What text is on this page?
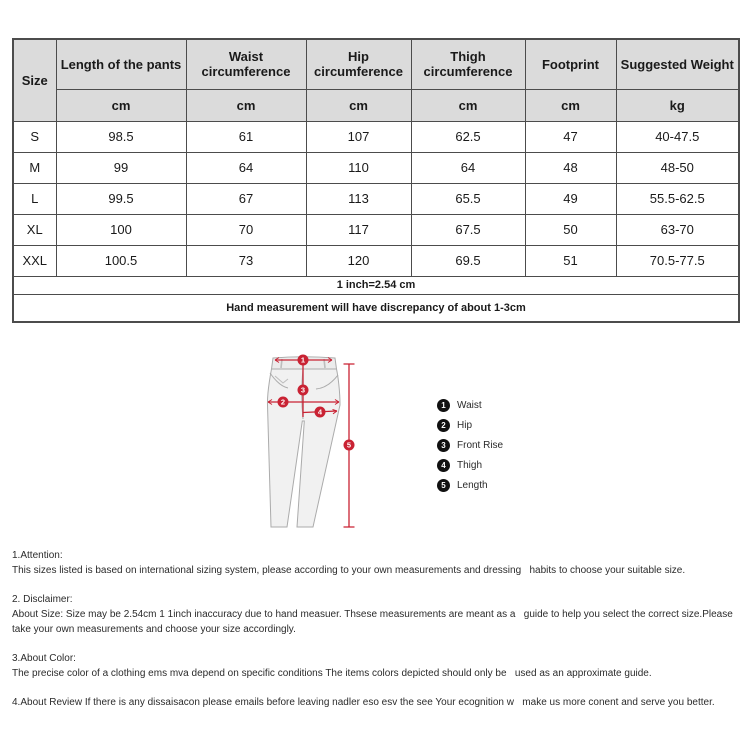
Size	Length of the pants	Waist circumference	Hip circumference	Thigh circumference	Footprint	Suggested Weight
	cm	cm	cm	cm	cm	kg
S	98.5	61	107	62.5	47	40-47.5
M	99	64	110	64	48	48-50
L	99.5	67	113	65.5	49	55.5-62.5
XL	100	70	117	67.5	50	63-70
XXL	100.5	73	120	69.5	51	70.5-77.5
1 inch=2.54 cm						
Hand measurement will have discrepancy of about 1-3cm						
1
2
3
4
5
1	Waist
2	Hip
3	Front Rise
4	Thigh
5	Length
1.Attention:
This sizes listed is based on international sizing system, please according to your own measurements and dressing   habits to choose your suitable size.
2. Disclaimer:
About Size: Size may be 2.54cm 1 1inch inaccuracy due to hand measuer. Thsese measurements are meant as a   guide to help you select the correct size.Please take your own measurements and choose your size accordingly.
3.About Color:
The precise color of a clothing ems mva depend on specific conditions The items colors depicted should only be   used as an approximate guide.
4.About Review If there is any dissaisacon please emails before leaving nadler eso esv the see Your ecognition w   make us more conent and serve you better.
